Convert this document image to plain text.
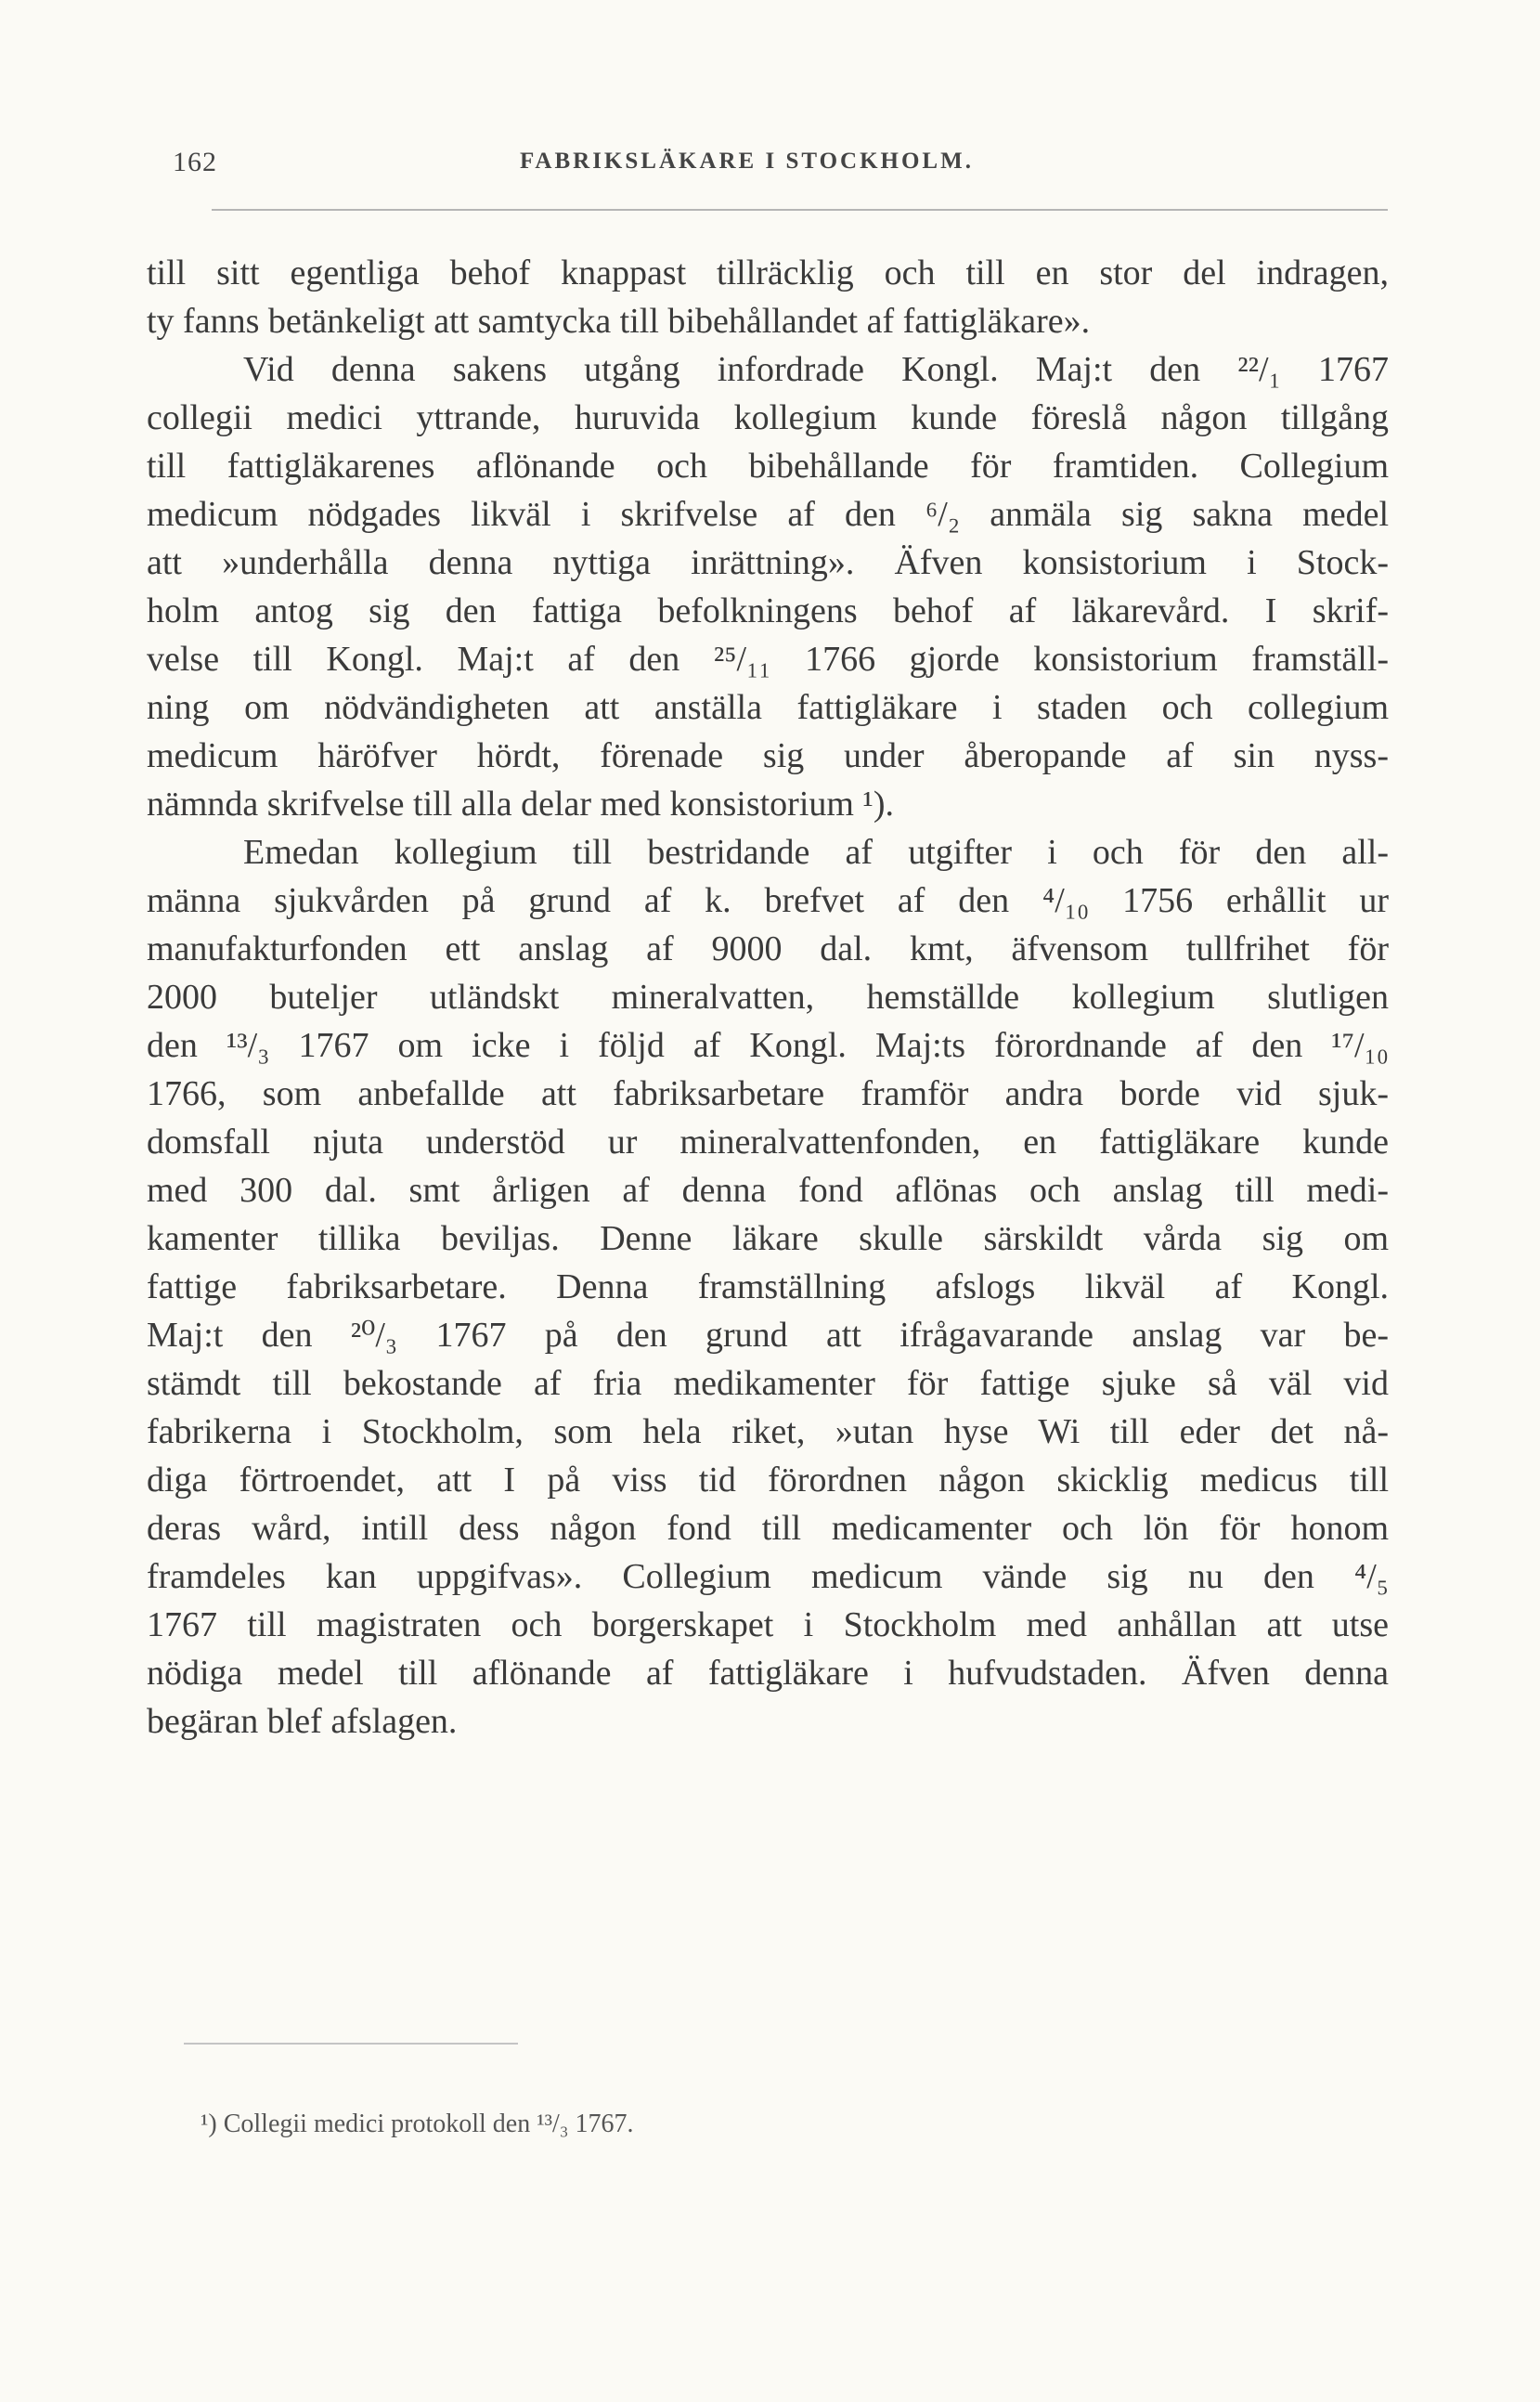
162	FABRIKSLÄKARE I STOCKHOLM.
till sitt egentliga behof knappast tillräcklig och till en stor del indragen,
ty fanns betänkeligt att samtycka till bibehållandet af fattigläkare».
Vid denna sakens utgång infordrade Kongl. Maj:t den ²²/₁ 1767
collegii medici yttrande, huruvida kollegium kunde föreslå någon tillgång
till fattigläkarenes aflönande och bibehållande för framtiden. Collegium
medicum nödgades likväl i skrifvelse af den ⁶/₂ anmäla sig sakna medel
att »underhålla denna nyttiga inrättning». Äfven konsistorium i Stock-
holm antog sig den fattiga befolkningens behof af läkarevård. I skrif-
velse till Kongl. Maj:t af den ²⁵/₁₁ 1766 gjorde konsistorium framställ-
ning om nödvändigheten att anställa fattigläkare i staden och collegium
medicum häröfver hördt, förenade sig under åberopande af sin nyss-
nämnda skrifvelse till alla delar med konsistorium ¹).
Emedan kollegium till bestridande af utgifter i och för den all-
männa sjukvården på grund af k. brefvet af den ⁴/₁₀ 1756 erhållit ur
manufakturfonden ett anslag af 9000 dal. kmt, äfvensom tullfrihet för
2000 buteljer utländskt mineralvatten, hemställde kollegium slutligen
den ¹³/₃ 1767 om icke i följd af Kongl. Maj:ts förordnande af den ¹⁷/₁₀
1766, som anbefallde att fabriksarbetare framför andra borde vid sjuk-
domsfall njuta understöd ur mineralvattenfonden, en fattigläkare kunde
med 300 dal. smt årligen af denna fond aflönas och anslag till medi-
kamenter tillika beviljas. Denne läkare skulle särskildt vårda sig om
fattige fabriksarbetare. Denna framställning afslogs likväl af Kongl.
Maj:t den ²⁰/₃ 1767 på den grund att ifrågavarande anslag var be-
stämdt till bekostande af fria medikamenter för fattige sjuke så väl vid
fabrikerna i Stockholm, som hela riket, »utan hyse Wi till eder det nå-
diga förtroendet, att I på viss tid förordnen någon skicklig medicus till
deras wård, intill dess någon fond till medicamenter och lön för honom
framdeles kan uppgifvas». Collegium medicum vände sig nu den ⁴/₅
1767 till magistraten och borgerskapet i Stockholm med anhållan att utse
nödiga medel till aflönande af fattigläkare i hufvudstaden. Äfven denna
begäran blef afslagen.
¹) Collegii medici protokoll den ¹³/₃ 1767.
